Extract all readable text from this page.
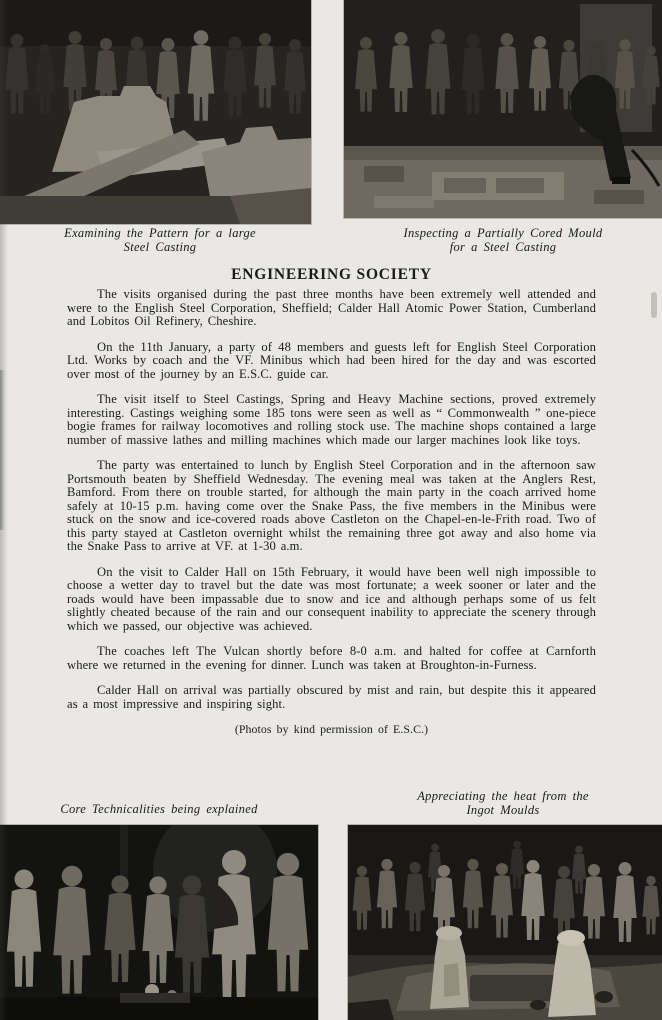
Examining the Pattern for a large
Steel Casting
Inspecting a Partially Cored Mould
for a Steel Casting
ENGINEERING SOCIETY

The visits organised during the past three months have been extremely well attended and were to the English Steel Corporation, Sheffield; Calder Hall Atomic Power Station, Cumberland and Lobitos Oil Refinery, Cheshire.

On the 11th January, a party of 48 members and guests left for English Steel Corporation Ltd. Works by coach and the VF. Minibus which had been hired for the day and was escorted over most of the journey by an E.S.C. guide car.

The visit itself to Steel Castings, Spring and Heavy Machine sections, proved extremely interesting. Castings weighing some 185 tons were seen as well as “ Commonwealth ” one-piece bogie frames for railway locomotives and rolling stock use. The machine shops contained a large number of massive lathes and milling machines which made our larger machines look like toys.

The party was entertained to lunch by English Steel Corporation and in the afternoon saw Portsmouth beaten by Sheffield Wednesday. The evening meal was taken at the Anglers Rest, Bamford. From there on trouble started, for although the main party in the coach arrived home safely at 10-15 p.m. having come over the Snake Pass, the five members in the Minibus were stuck on the snow and ice-covered roads above Castleton on the Chapel-en-le-Frith road. Two of this party stayed at Castleton overnight whilst the remaining three got away and also home via the Snake Pass to arrive at VF. at 1-30 a.m.

On the visit to Calder Hall on 15th February, it would have been well nigh impossible to choose a wetter day to travel but the date was most fortunate; a week sooner or later and the roads would have been impassable due to snow and ice and although perhaps some of us felt slightly cheated because of the rain and our consequent inability to appreciate the scenery through which we passed, our objective was achieved.

The coaches left The Vulcan shortly before 8-0 a.m. and halted for coffee at Carnforth where we returned in the evening for dinner. Lunch was taken at Broughton-in-Furness.

Calder Hall on arrival was partially obscured by mist and rain, but despite this it appeared as a most impressive and inspiring sight.

(Photos by kind permission of E.S.C.)

Core Technicalities being explained
Appreciating the heat from the
Ingot Moulds
